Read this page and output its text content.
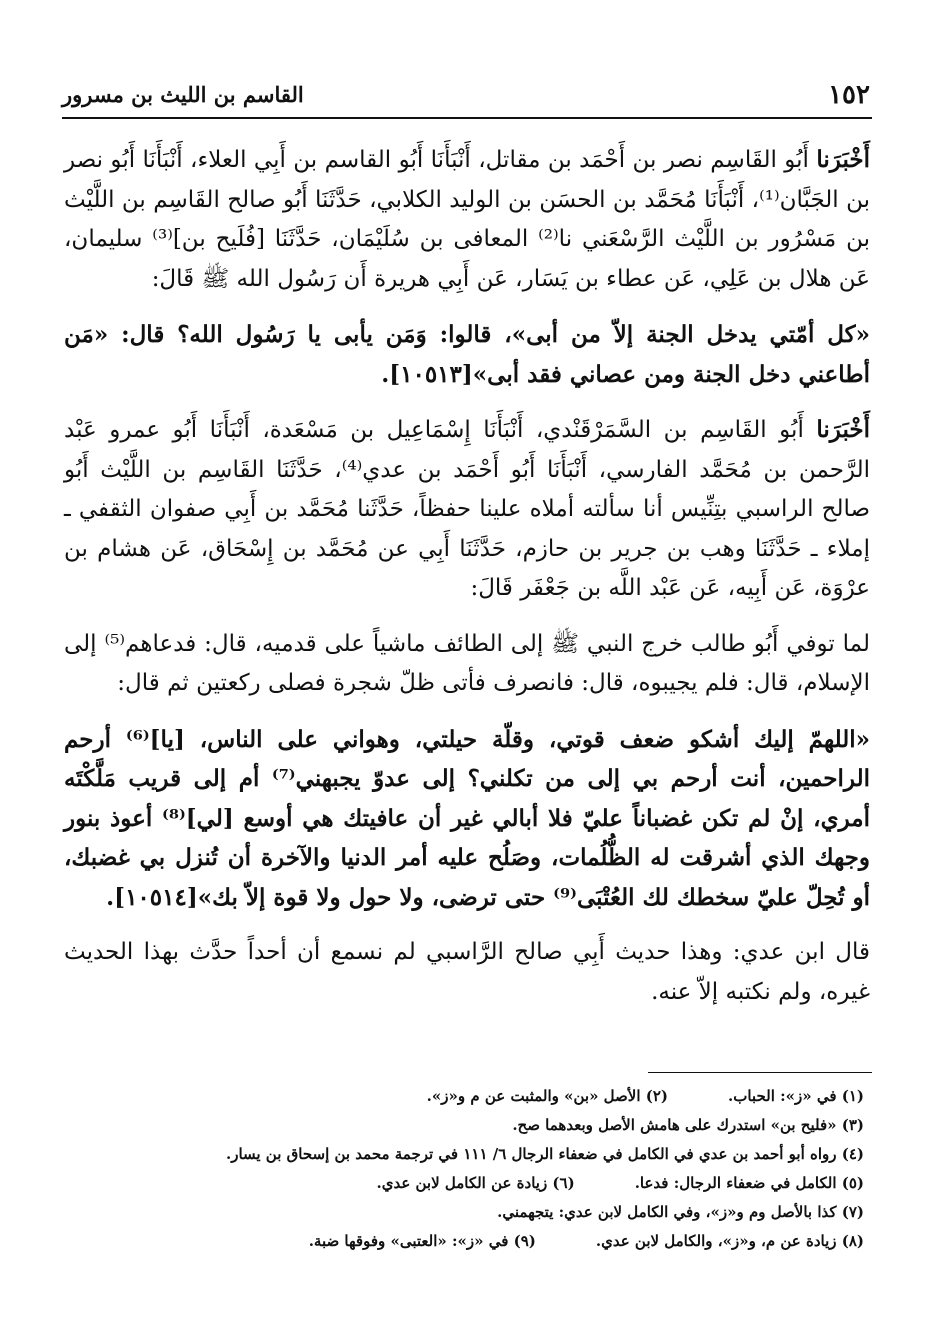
١٥٢
القاسم بن الليث بن مسرور

أَخْبَرَنا أَبُو القَاسِم نصر بن أَحْمَد بن مقاتل، أَنْبَأَنَا أَبُو القاسم بن أَبِي العلاء، أَنْبَأَنَا أَبُو نصر بن الجَبَّان⁽¹⁾، أَنْبَأَنَا مُحَمَّد بن الحسَن بن الوليد الكلابي، حَدَّثَنَا أَبُو صالح القَاسِم بن اللَّيْث بن مَسْرُور بن اللَّيْث الرَّسْعَني نا⁽²⁾ المعافى بن سُلَيْمَان، حَدَّثَنَا [فُلَيح بن]⁽³⁾ سليمان، عَن هلال بن عَلِي، عَن عطاء بن يَسَار، عَن أَبِي هريرة أَن رَسُول الله ﷺ قَالَ:

«كل أمّتي يدخل الجنة إلاّ من أبى»، قالوا: وَمَن يأبى يا رَسُول الله؟ قال: «مَن أطاعني دخل الجنة ومن عصاني فقد أبى»[١٠٥١٣].

أَخْبَرَنا أَبُو القَاسِم بن السَّمَرْقَنْدي، أَنْبَأَنَا إِسْمَاعِيل بن مَسْعَدة، أَنْبَأَنَا أَبُو عمرو عَبْد الرَّحمن بن مُحَمَّد الفارسي، أَنْبَأَنَا أَبُو أَحْمَد بن عدي⁽⁴⁾، حَدَّثَنَا القَاسِم بن اللَّيْث أَبُو صالح الراسبي بتِنِّيس أنا سألته أملاه علينا حفظاً، حَدَّثَنا مُحَمَّد بن أَبِي صفوان الثقفي ـ إملاء ـ حَدَّثَنَا وهب بن جرير بن حازم، حَدَّثَنَا أَبِي عن مُحَمَّد بن إِسْحَاق، عَن هشام بن عرْوَة، عَن أَبِيه، عَن عَبْد اللَّه بن جَعْفَر قَالَ:

لما توفي أَبُو طالب خرج النبي ﷺ إلى الطائف ماشياً على قدميه، قال: فدعاهم⁽⁵⁾ إلى الإسلام، قال: فلم يجيبوه، قال: فانصرف فأتى ظلّ شجرة فصلى ركعتين ثم قال:

«اللهمّ إليك أشكو ضعف قوتي، وقلّة حيلتي، وهواني على الناس، [يا]⁽⁶⁾ أرحم الراحمين، أنت أرحم بي إلى من تكلني؟ إلى عدوّ يجبهني⁽⁷⁾ أم إلى قريب مَلَّكْتَه أمري، إنْ لم تكن غضباناً عليّ فلا أبالي غير أن عافيتك هي أوسع [لي]⁽⁸⁾ أعوذ بنور وجهك الذي أشرقت له الظُّلُمات، وصَلُح عليه أمر الدنيا والآخرة أن تُنزل بي غضبك، أو تُحِلّ عليّ سخطك لك العُتْبَى⁽⁹⁾ حتى ترضى، ولا حول ولا قوة إلاّ بك»[١٠٥١٤].

قال ابن عدي: وهذا حديث أَبِي صالح الرَّاسبي لم نسمع أن أحداً حدَّث بهذا الحديث غيره، ولم نكتبه إلاّ عنه.

(١) في «ز»: الحباب.(٢) الأصل «بن» والمثبت عن م و«ز».
(٣) «فليح بن» استدرك على هامش الأصل وبعدهما صح.
(٤) رواه أبو أحمد بن عدي في الكامل في ضعفاء الرجال ٦/ ١١١ في ترجمة محمد بن إسحاق بن يسار.
(٥) الكامل في ضعفاء الرجال: فدعا.(٦) زيادة عن الكامل لابن عدي.
(٧) كذا بالأصل وم و«ز»، وفي الكامل لابن عدي: يتجهمني.
(٨) زيادة عن م، و«ز»، والكامل لابن عدي.(٩) في «ز»: «العتبى» وفوقها ضبة.
